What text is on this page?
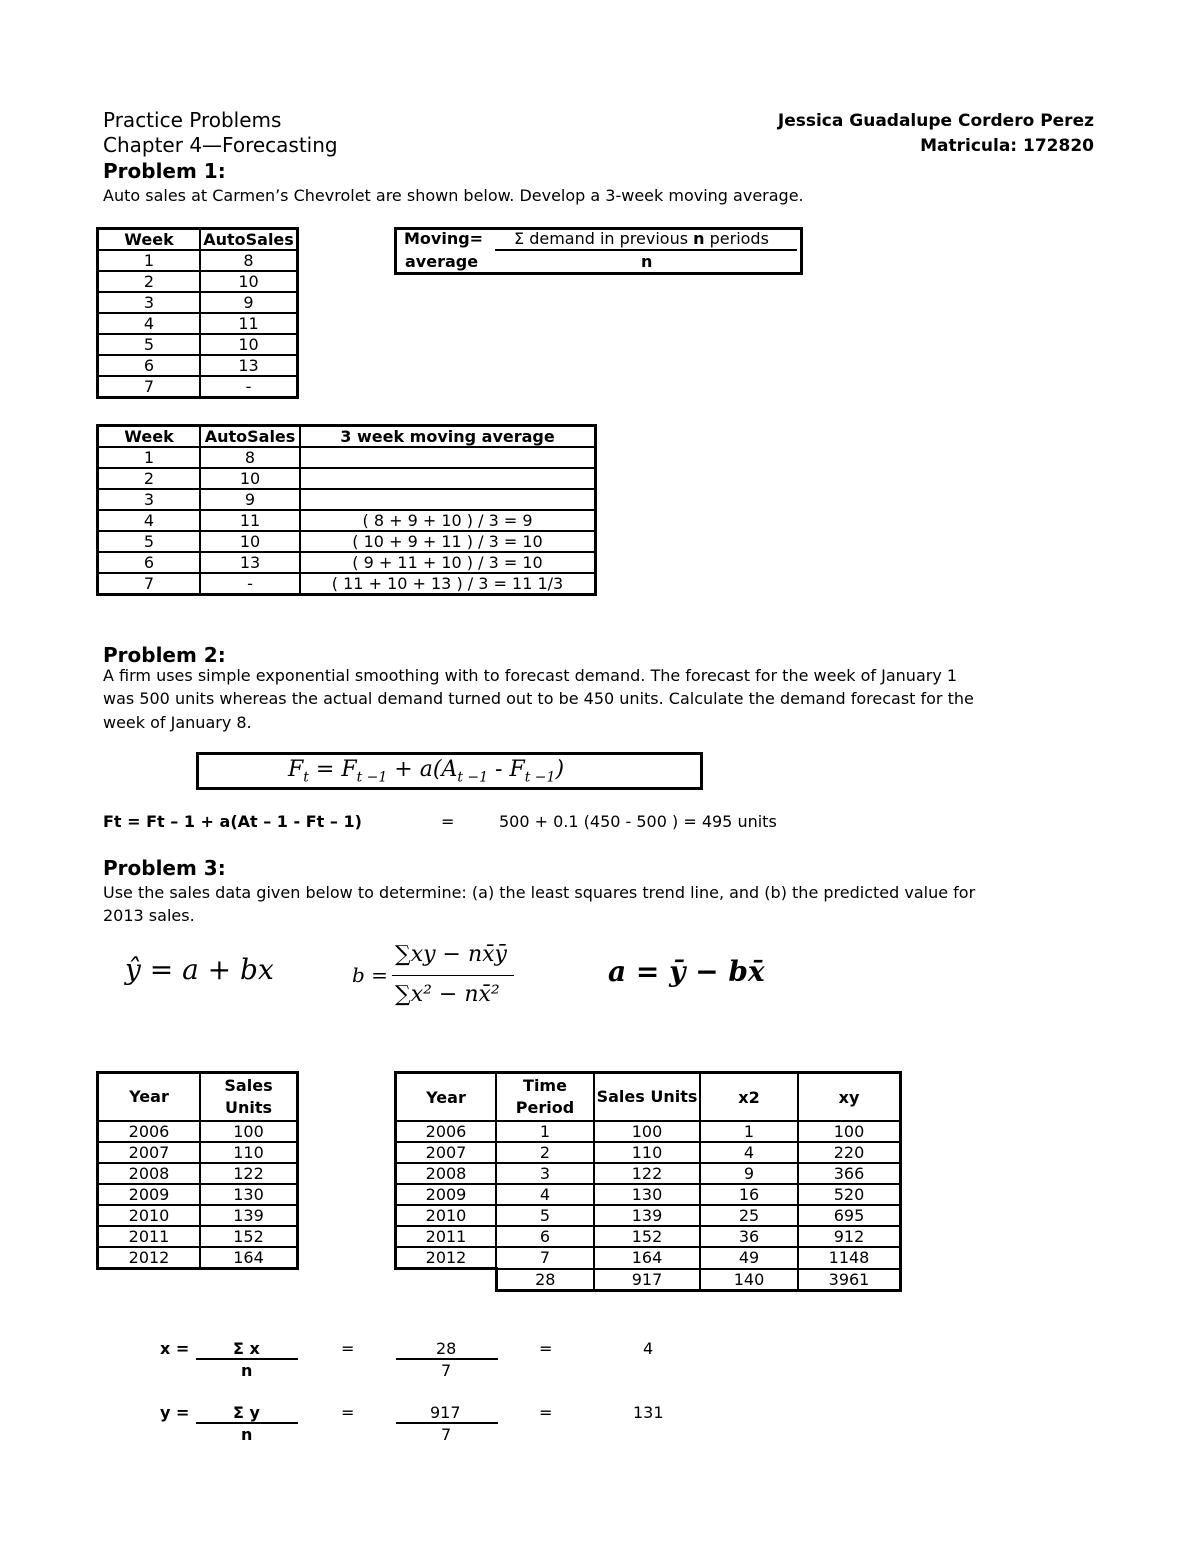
Practice Problems
Chapter 4—Forecasting
Jessica Guadalupe Cordero Perez
Matricula: 172820
Problem 1:
Auto sales at Carmen’s Chevrolet are shown below. Develop a 3-week moving average.
Week	AutoSales
1	8
2	10
3	9
4	11
5	10
6	13
7	-
Moving= Σ demand in previous n periods
average	n
Week	AutoSales	3 week moving average
1	8	
2	10	
3	9	
4	11	( 8 + 9 + 10 ) / 3 = 9
5	10	( 10 + 9 + 11 ) / 3 = 10
6	13	( 9 + 11 + 10 ) / 3 = 10
7	-	( 11 + 10 + 13 ) / 3 = 11 1/3
Problem 2:
A firm uses simple exponential smoothing with to forecast demand. The forecast for the week of January 1
was 500 units whereas the actual demand turned out to be 450 units. Calculate the demand forecast for the
week of January 8.
$F_t = F_{t -1} + a(A_{t -1} - F_{t -1})$
Ft = Ft – 1 + a(At – 1 - Ft – 1)	=	500 + 0.1 (450 - 500 ) = 495 units
Problem 3:
Use the sales data given below to determine: (a) the least squares trend line, and (b) the predicted value for
2013 sales.
ŷ = a + bx	b =
∑xy − nx̄ȳ
∑x² − nx̄²
a = ȳ − bx̄
Year	Sales Units
2006	100
2007	110
2008	122
2009	130
2010	139
2011	152
2012	164
Year	Time Period	Sales Units	x2	xy
2006	1	100	1	100
2007	2	110	4	220
2008	3	122	9	366
2009	4	130	16	520
2010	5	139	25	695
2011	6	152	36	912
2012	7	164	49	1148
	28	917	140	3961
x =	Σ x
n
=	28
7
=	4
y =	Σ y
n
=	917
7
=	131
